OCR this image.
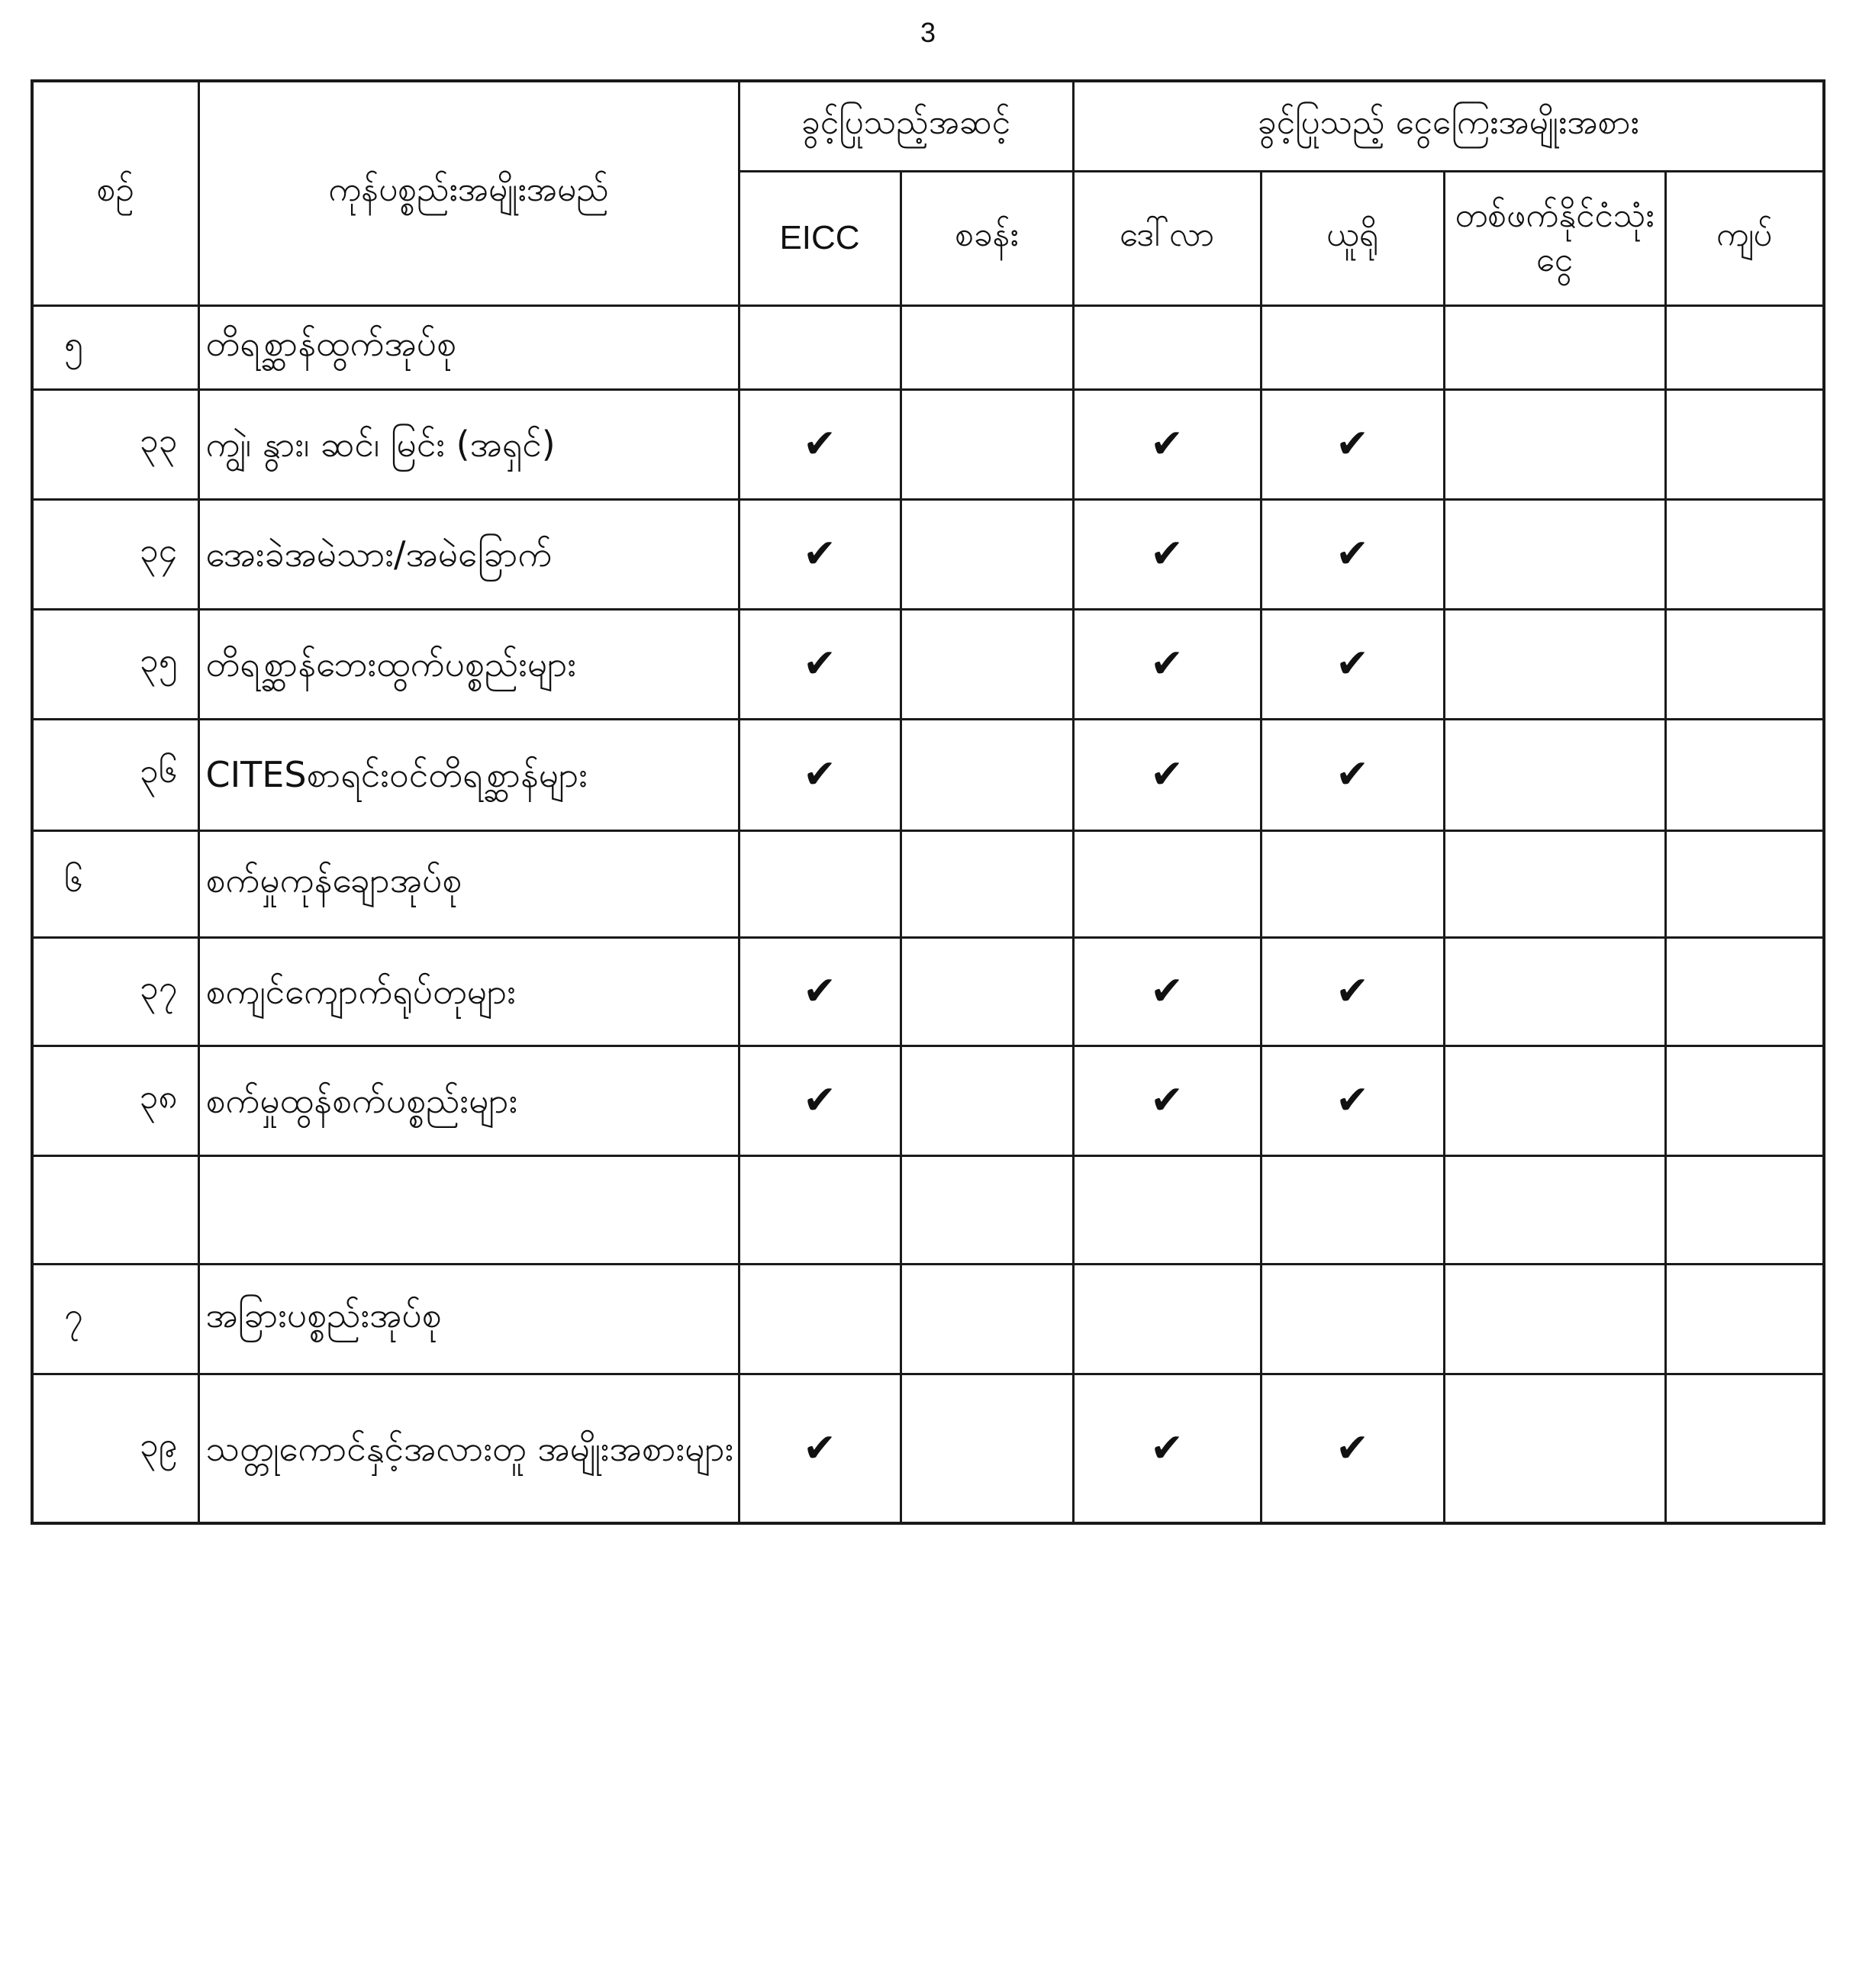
3
စဉ်	ကုန်ပစ္စည်းအမျိုးအမည်	ခွင့်ပြုသည့်အဆင့်		ခွင့်ပြုသည့် ငွေကြေးအမျိုးအစား			
		EICC	စခန်း	ဒေါ်လာ	ယူရို	တစ်ဖက်နိုင်ငံသုံးငွေ	ကျပ်
၅	တိရစ္ဆာန်ထွက်အုပ်စု						
၃၃	ကျွဲ၊ နွား၊ ဆင်၊ မြင်း (အရှင်)	✔		✔	✔		
၃၄	အေးခဲအမဲသား/အမဲခြောက်	✔		✔	✔		
၃၅	တိရစ္ဆာန်ဘေးထွက်ပစ္စည်းများ	✔		✔	✔		
၃၆	CITESစာရင်းဝင်တိရစ္ဆာန်များ	✔		✔	✔		
၆	စက်မှုကုန်ချောအုပ်စု						
၃၇	စကျင်ကျောက်ရုပ်တုများ	✔		✔	✔		
၃၈	စက်မှုထွန်စက်ပစ္စည်းများ	✔		✔	✔		

၇	အခြားပစ္စည်းအုပ်စု						
၃၉	သတ္တုကောင်နှင့်အလားတူ အမျိုးအစားများ	✔		✔	✔		
